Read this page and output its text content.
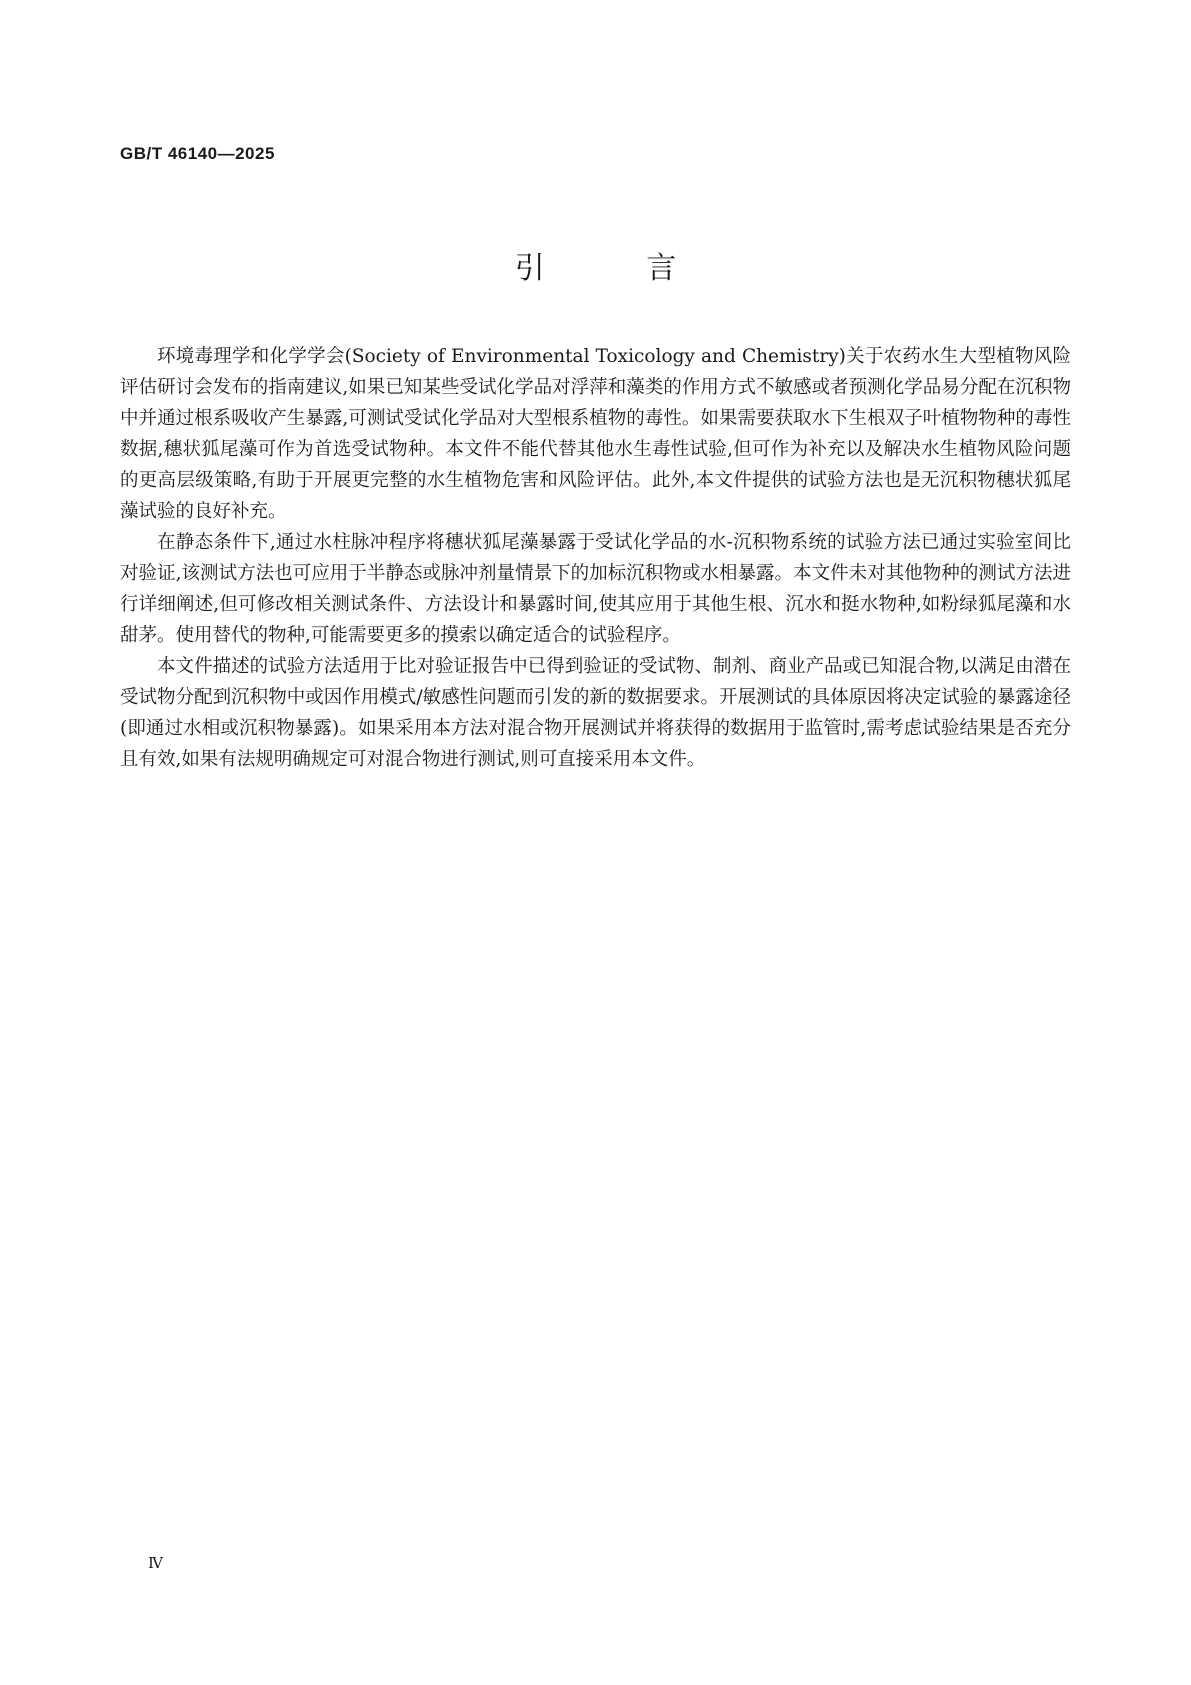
GB/T 46140—2025
引 言

环境毒理学和化学学会(Society of Environmental Toxicology and Chemistry)关于农药水生大型植物风险评估研讨会发布的指南建议,如果已知某些受试化学品对浮萍和藻类的作用方式不敏感或者预测化学品易分配在沉积物中并通过根系吸收产生暴露,可测试受试化学品对大型根系植物的毒性。如果需要获取水下生根双子叶植物物种的毒性数据,穗状狐尾藻可作为首选受试物种。本文件不能代替其他水生毒性试验,但可作为补充以及解决水生植物风险问题的更高层级策略,有助于开展更完整的水生植物危害和风险评估。此外,本文件提供的试验方法也是无沉积物穗状狐尾藻试验的良好补充。

在静态条件下,通过水柱脉冲程序将穗状狐尾藻暴露于受试化学品的水-沉积物系统的试验方法已通过实验室间比对验证,该测试方法也可应用于半静态或脉冲剂量情景下的加标沉积物或水相暴露。本文件未对其他物种的测试方法进行详细阐述,但可修改相关测试条件、方法设计和暴露时间,使其应用于其他生根、沉水和挺水物种,如粉绿狐尾藻和水甜茅。使用替代的物种,可能需要更多的摸索以确定适合的试验程序。

本文件描述的试验方法适用于比对验证报告中已得到验证的受试物、制剂、商业产品或已知混合物,以满足由潜在受试物分配到沉积物中或因作用模式/敏感性问题而引发的新的数据要求。开展测试的具体原因将决定试验的暴露途径(即通过水相或沉积物暴露)。如果采用本方法对混合物开展测试并将获得的数据用于监管时,需考虑试验结果是否充分且有效,如果有法规明确规定可对混合物进行测试,则可直接采用本文件。

Ⅳ
